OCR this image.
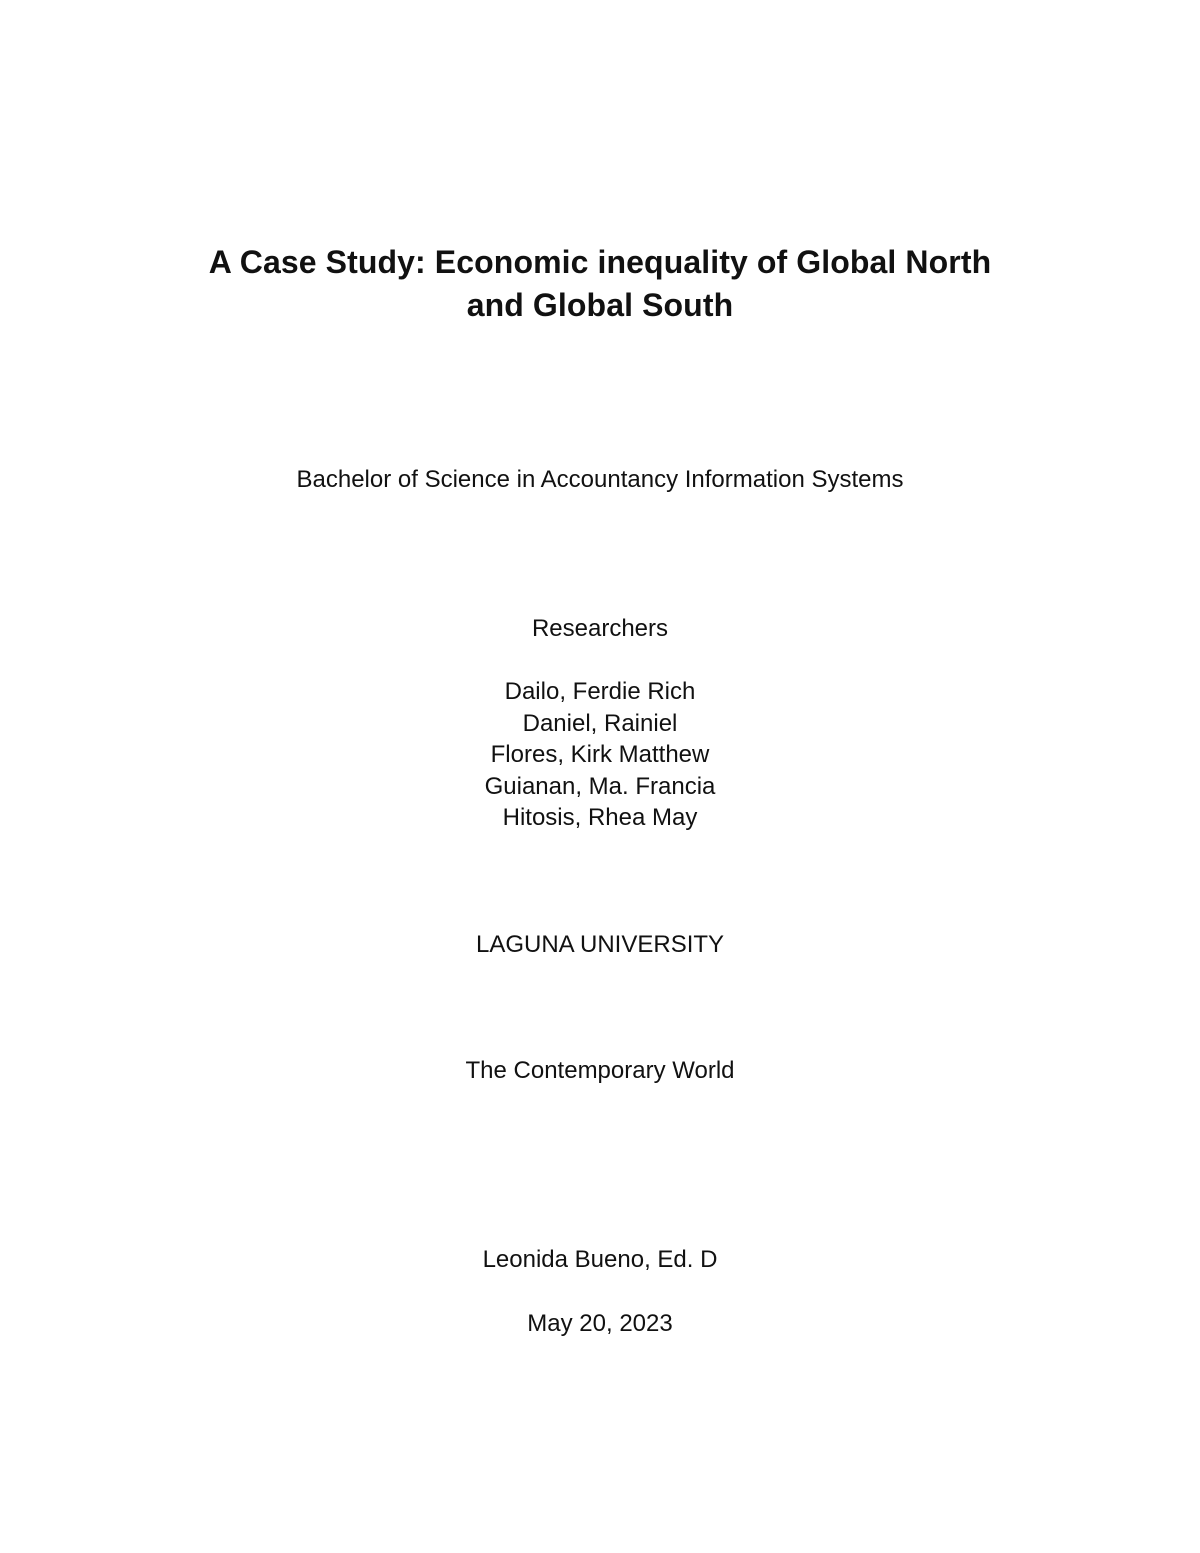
A Case Study: Economic inequality of Global North
and Global South
Bachelor of Science in Accountancy Information Systems
Researchers
Dailo, Ferdie Rich
Daniel, Rainiel
Flores, Kirk Matthew
Guianan, Ma. Francia
Hitosis, Rhea May
LAGUNA UNIVERSITY
The Contemporary World
Leonida Bueno, Ed. D
May 20, 2023
